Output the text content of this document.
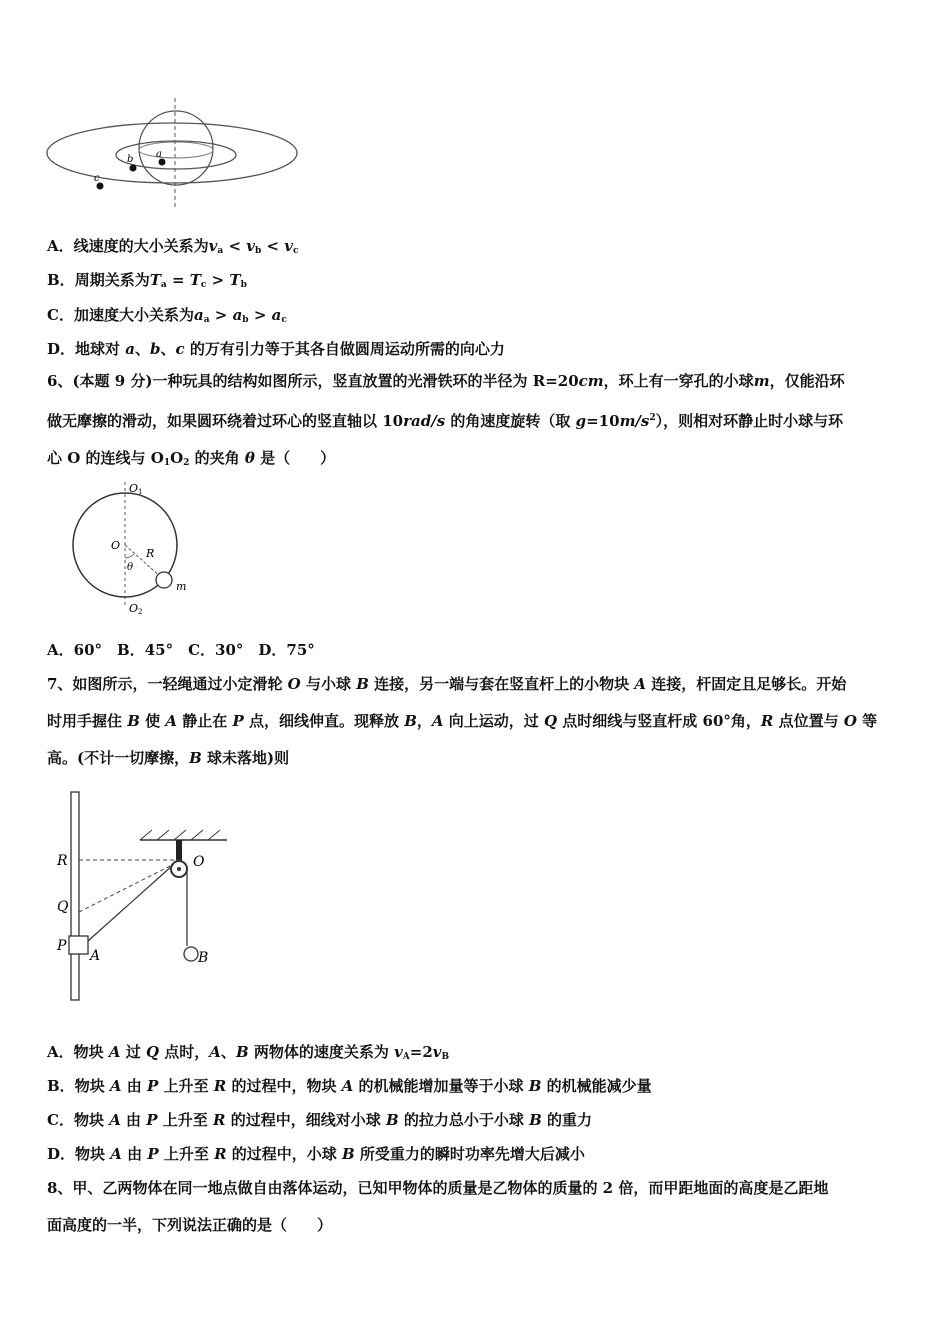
a
b
c
A．线速度的大小关系为$v_a < v_b < v_c$
B．周期关系为$T_a = T_c > T_b$
C．加速度大小关系为$a_a > a_b > a_c$
D．地球对 a、b、c 的万有引力等于其各自做圆周运动所需的向心力
6、(本题 9 分)一种玩具的结构如图所示，竖直放置的光滑铁环的半径为 R=20cm，环上有一穿孔的小球m，仅能沿环
做无摩擦的滑动，如果圆环绕着过环心的竖直轴以 10rad/s 的角速度旋转（取 $g=10m/s^2$），则相对环静止时小球与环
心 O 的连线与 $O_1O_2$ 的夹角 θ 是（　　）
O 1
O
R
θ
m
O 2
A．60°　B．45°　C．30°　D．75°
7、如图所示，一轻绳通过小定滑轮 O 与小球 B 连接，另一端与套在竖直杆上的小物块 A 连接，杆固定且足够长。开始
时用手握住 B 使 A 静止在 P 点，细线伸直。现释放 B，A 向上运动，过 Q 点时细线与竖直杆成 60°角，R 点位置与 O 等
高。(不计一切摩擦，B 球未落地)则
R
Q
P
A
O
B
A．物块 A 过 Q 点时，A、B 两物体的速度关系为 $v_A=2v_B$
B．物块 A 由 P 上升至 R 的过程中，物块 A 的机械能增加量等于小球 B 的机械能减少量
C．物块 A 由 P 上升至 R 的过程中，细线对小球 B 的拉力总小于小球 B 的重力
D．物块 A 由 P 上升至 R 的过程中，小球 B 所受重力的瞬时功率先增大后减小
8、甲、乙两物体在同一地点做自由落体运动，已知甲物体的质量是乙物体的质量的 2 倍，而甲距地面的高度是乙距地
面高度的一半，下列说法正确的是（　　）
